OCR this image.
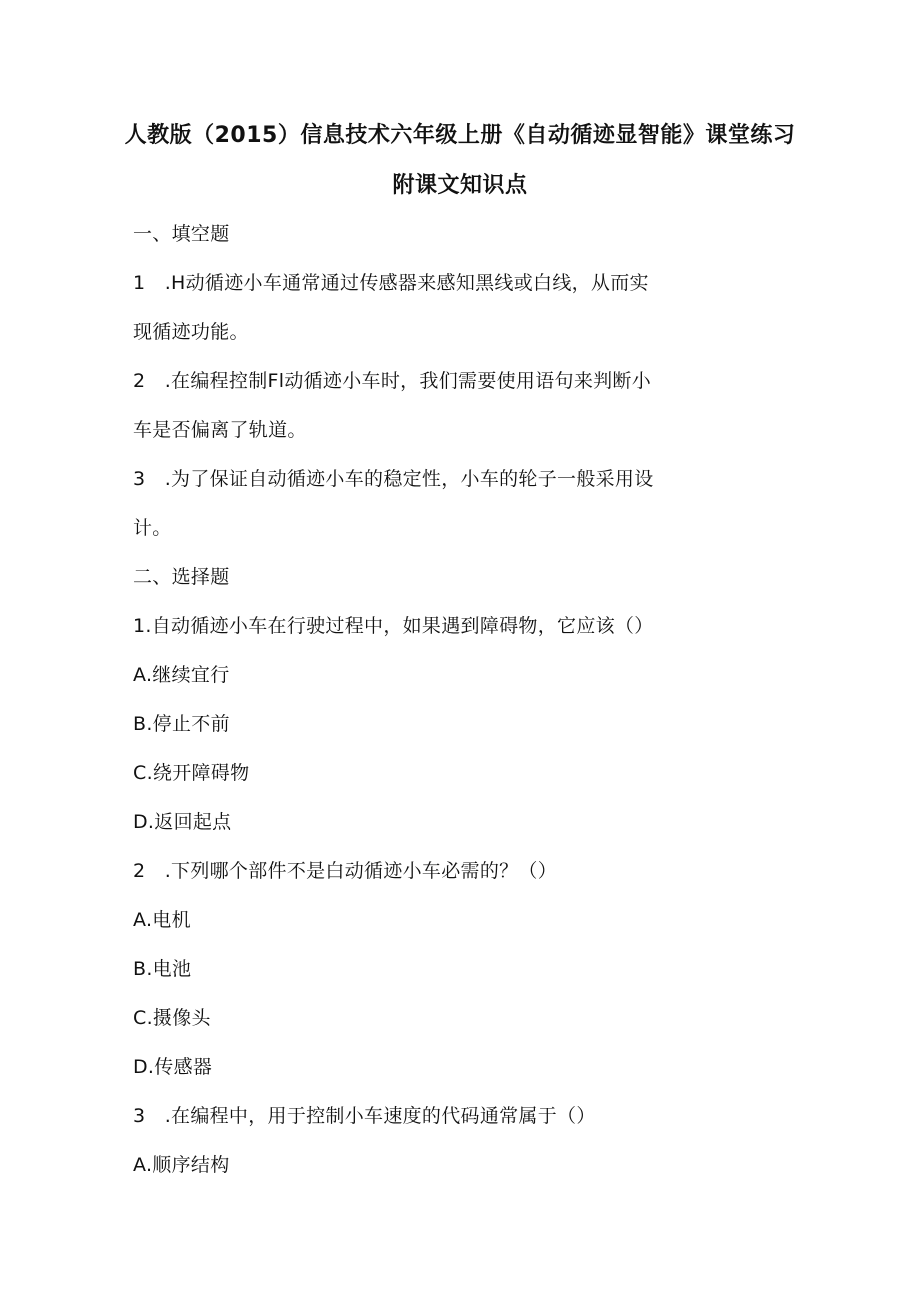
人教版（2015）信息技术六年级上册《自动循迹显智能》课堂练习
附课文知识点
一、填空题
1 .H动循迹小车通常通过传感器来感知黑线或白线，从而实
现循迹功能。
2 .在编程控制Fl动循迹小车时，我们需要使用语句来判断小
车是否偏离了轨道。
3 .为了保证自动循迹小车的稳定性，小车的轮子一般采用设
计。
二、选择题
1.自动循迹小车在行驶过程中，如果遇到障碍物，它应该（）
A.继续宜行
B.停止不前
C.绕开障碍物
D.返回起点
2 .下列哪个部件不是白动循迹小车必需的？（）
A.电机
B.电池
C.摄像头
D.传感器
3 .在编程中，用于控制小车速度的代码通常属于（）
A.顺序结构
